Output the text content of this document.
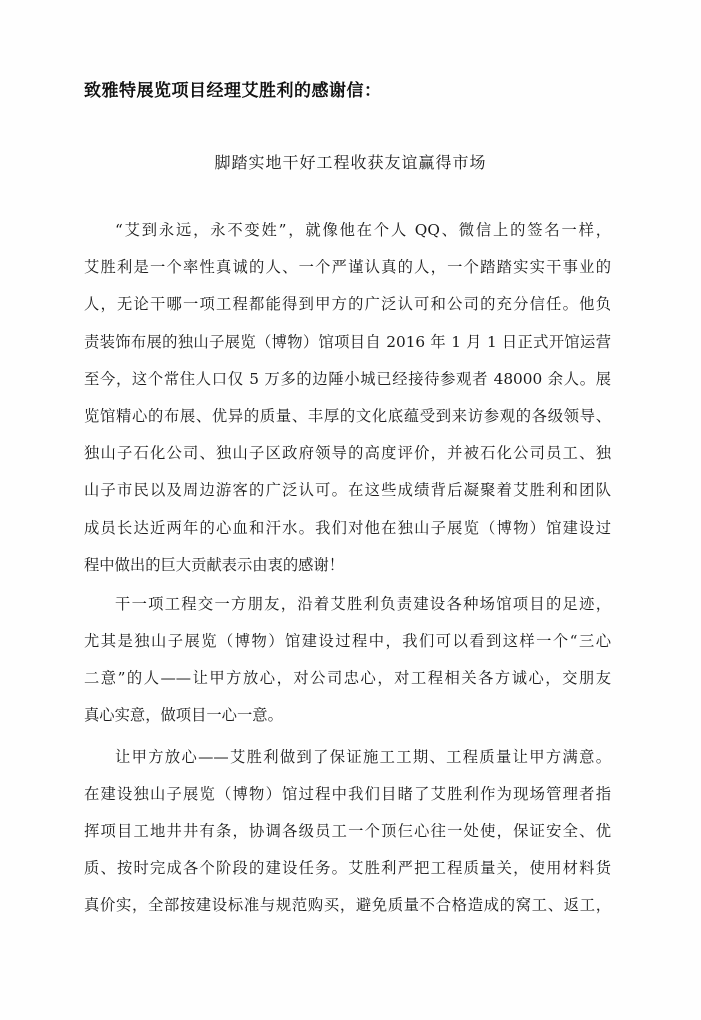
致雅特展览项目经理艾胜利的感谢信：
脚踏实地干好工程收获友谊赢得市场
“艾到永远，永不变姓”，就像他在个人 QQ、微信上的签名一样，
艾胜利是一个率性真诚的人、一个严谨认真的人，一个踏踏实实干事业的
人，无论干哪一项工程都能得到甲方的广泛认可和公司的充分信任。他负
责装饰布展的独山子展览（博物）馆项目自 2016 年 1 月 1 日正式开馆运营
至今，这个常住人口仅 5 万多的边陲小城已经接待参观者 48000 余人。展
览馆精心的布展、优异的质量、丰厚的文化底蕴受到来访参观的各级领导、
独山子石化公司、独山子区政府领导的高度评价，并被石化公司员工、独
山子市民以及周边游客的广泛认可。在这些成绩背后凝聚着艾胜利和团队
成员长达近两年的心血和汗水。我们对他在独山子展览（博物）馆建设过
程中做出的巨大贡献表示由衷的感谢！
干一项工程交一方朋友，沿着艾胜利负责建设各种场馆项目的足迹，
尤其是独山子展览（博物）馆建设过程中，我们可以看到这样一个“三心
二意”的人——让甲方放心，对公司忠心，对工程相关各方诚心，交朋友
真心实意，做项目一心一意。
让甲方放心——艾胜利做到了保证施工工期、工程质量让甲方满意。
在建设独山子展览（博物）馆过程中我们目睹了艾胜利作为现场管理者指
挥项目工地井井有条，协调各级员工一个顶仨心往一处使，保证安全、优
质、按时完成各个阶段的建设任务。艾胜利严把工程质量关，使用材料货
真价实，全部按建设标准与规范购买，避免质量不合格造成的窝工、返工，
